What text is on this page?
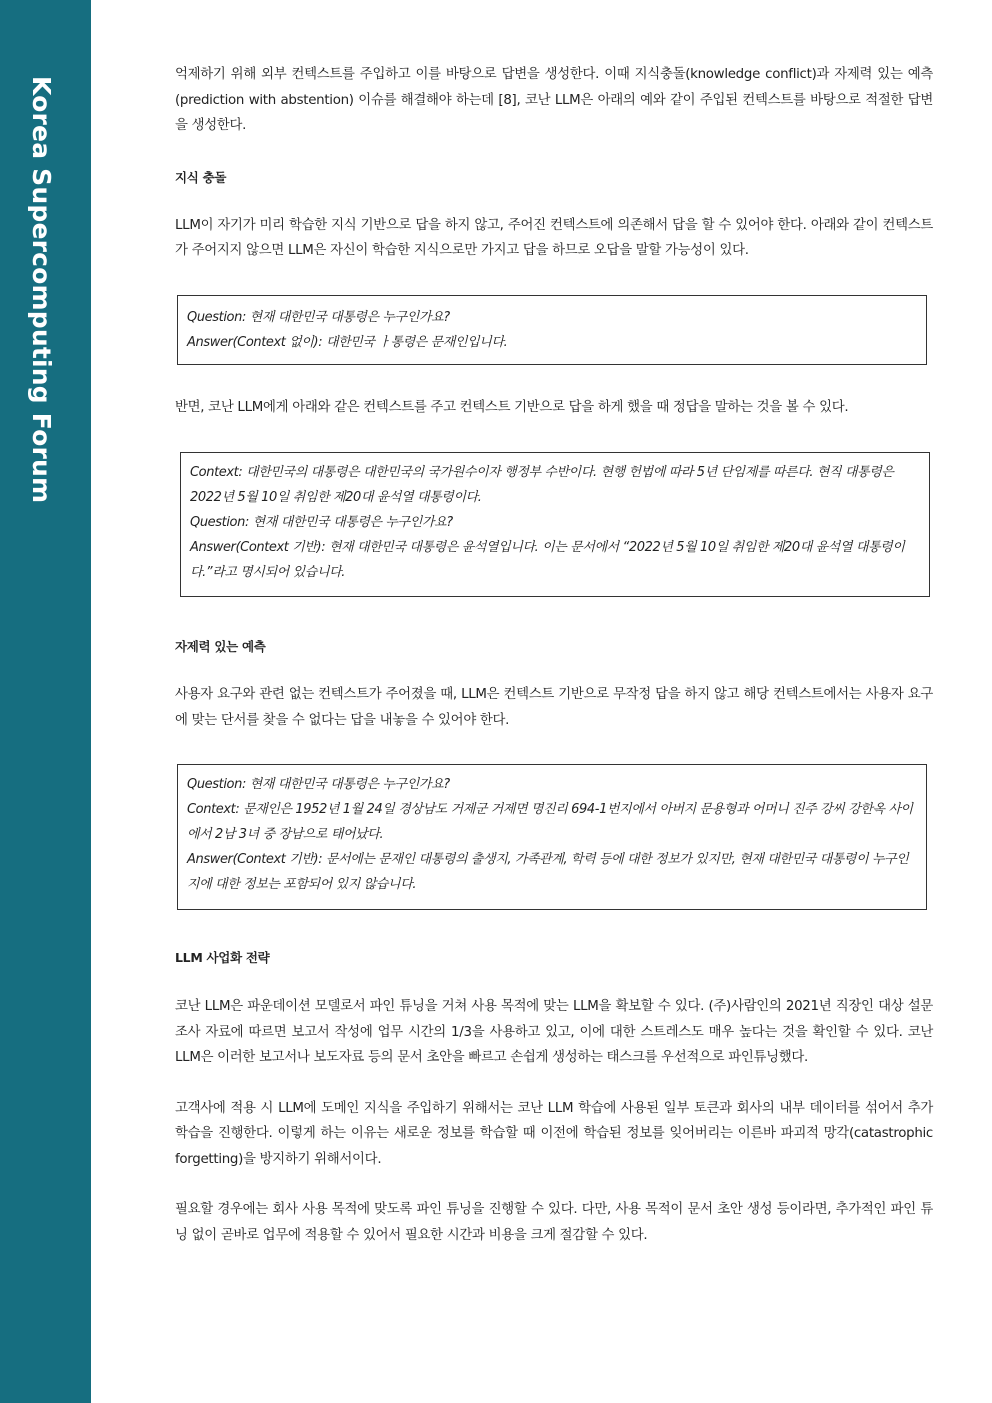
Korea Supercomputing Forum

억제하기 위해 외부 컨텍스트를 주입하고 이를 바탕으로 답변을 생성한다. 이때 지식충돌(knowledge conflict)과 자제력 있는 예측(prediction with abstention) 이슈를 해결해야 하는데 [8], 코난 LLM은 아래의 예와 같이 주입된 컨텍스트를 바탕으로 적절한 답변을 생성한다.

지식 충돌

LLM이 자기가 미리 학습한 지식 기반으로 답을 하지 않고, 주어진 컨텍스트에 의존해서 답을 할 수 있어야 한다. 아래와 같이 컨텍스트가 주어지지 않으면 LLM은 자신이 학습한 지식으로만 가지고 답을 하므로 오답을 말할 가능성이 있다.

Question: 현재 대한민국 대통령은 누구인가요?
Answer(Context 없이): 대한민국 ㅏ통령은 문재인입니다.

반면, 코난 LLM에게 아래와 같은 컨텍스트를 주고 컨텍스트 기반으로 답을 하게 했을 때 정답을 말하는 것을 볼 수 있다.

Context: 대한민국의 대통령은 대한민국의 국가원수이자 행정부 수반이다. 현행 헌법에 따라 5년 단임제를 따른다. 현직 대통령은 2022년 5월 10일 취임한 제20대 윤석열 대통령이다.
Question: 현재 대한민국 대통령은 누구인가요?
Answer(Context 기반): 현재 대한민국 대통령은 윤석열입니다. 이는 문서에서 “2022년 5월 10일 취임한 제20대 윤석열 대통령이다.”라고 명시되어 있습니다.
자제력 있는 예측

사용자 요구와 관련 없는 컨텍스트가 주어졌을 때, LLM은 컨텍스트 기반으로 무작정 답을 하지 않고 해당 컨텍스트에서는 사용자 요구에 맞는 단서를 찾을 수 없다는 답을 내놓을 수 있어야 한다.

Question: 현재 대한민국 대통령은 누구인가요?
Context: 문재인은 1952년 1월 24일 경상남도 거제군 거제면 명진리 694-1번지에서 아버지 문용형과 어머니 진주 강씨 강한옥 사이에서 2남 3녀 중 장남으로 태어났다.
Answer(Context 기반): 문서에는 문재인 대통령의 출생지, 가족관계, 학력 등에 대한 정보가 있지만, 현재 대한민국 대통령이 누구인지에 대한 정보는 포함되어 있지 않습니다.
LLM 사업화 전략

코난 LLM은 파운데이션 모델로서 파인 튜닝을 거쳐 사용 목적에 맞는 LLM을 확보할 수 있다. (주)사람인의 2021년 직장인 대상 설문조사 자료에 따르면 보고서 작성에 업무 시간의 1/3을 사용하고 있고, 이에 대한 스트레스도 매우 높다는 것을 확인할 수 있다. 코난 LLM은 이러한 보고서나 보도자료 등의 문서 초안을 빠르고 손쉽게 생성하는 태스크를 우선적으로 파인튜닝했다.

고객사에 적용 시 LLM에 도메인 지식을 주입하기 위해서는 코난 LLM 학습에 사용된 일부 토큰과 회사의 내부 데이터를 섞어서 추가 학습을 진행한다. 이렇게 하는 이유는 새로운 정보를 학습할 때 이전에 학습된 정보를 잊어버리는 이른바 파괴적 망각(catastrophic forgetting)을 방지하기 위해서이다.

필요할 경우에는 회사 사용 목적에 맞도록 파인 튜닝을 진행할 수 있다. 다만, 사용 목적이 문서 초안 생성 등이라면, 추가적인 파인 튜닝 없이 곧바로 업무에 적용할 수 있어서 필요한 시간과 비용을 크게 절감할 수 있다.
